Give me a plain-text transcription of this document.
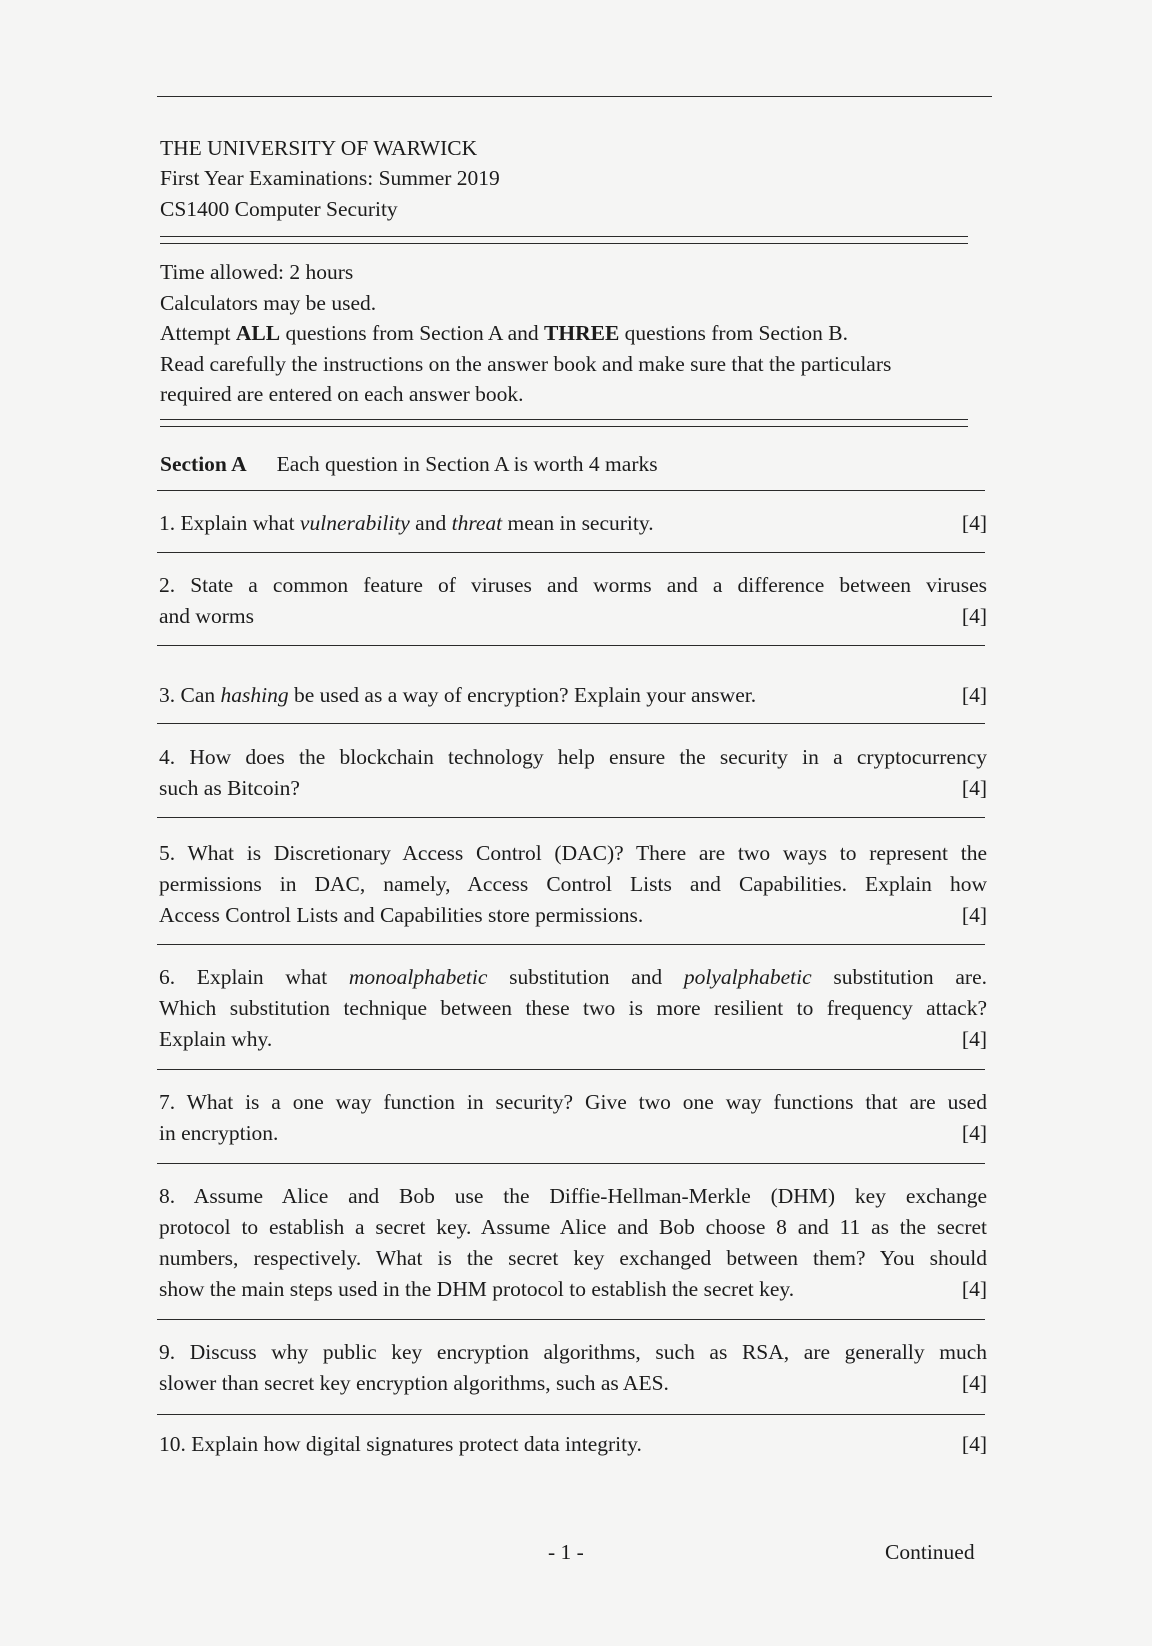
THE UNIVERSITY OF WARWICK
First Year Examinations: Summer 2019
CS1400 Computer Security
Time allowed: 2 hours
Calculators may be used.
Attempt ALL questions from Section A and THREE questions from Section B.
Read carefully the instructions on the answer book and make sure that the particulars
required are entered on each answer book.
Section A Each question in Section A is worth 4 marks

1. Explain what vulnerability and threat mean in security.	[4]

2. State a common feature of viruses and worms and a difference between viruses

and worms	[4]

3. Can hashing be used as a way of encryption? Explain your answer.	[4]

4. How does the blockchain technology help ensure the security in a cryptocurrency

such as Bitcoin?	[4]

5. What is Discretionary Access Control (DAC)? There are two ways to represent the

permissions in DAC, namely, Access Control Lists and Capabilities. Explain how

Access Control Lists and Capabilities store permissions.	[4]

6. Explain what monoalphabetic substitution and polyalphabetic substitution are.

Which substitution technique between these two is more resilient to frequency attack?

Explain why.	[4]

7. What is a one way function in security? Give two one way functions that are used

in encryption.	[4]

8. Assume Alice and Bob use the Diffie-Hellman-Merkle (DHM) key exchange

protocol to establish a secret key. Assume Alice and Bob choose 8 and 11 as the secret

numbers, respectively. What is the secret key exchanged between them? You should

show the main steps used in the DHM protocol to establish the secret key.	[4]

9. Discuss why public key encryption algorithms, such as RSA, are generally much

slower than secret key encryption algorithms, such as AES.	[4]

10. Explain how digital signatures protect data integrity.	[4]

- 1 -	Continued
